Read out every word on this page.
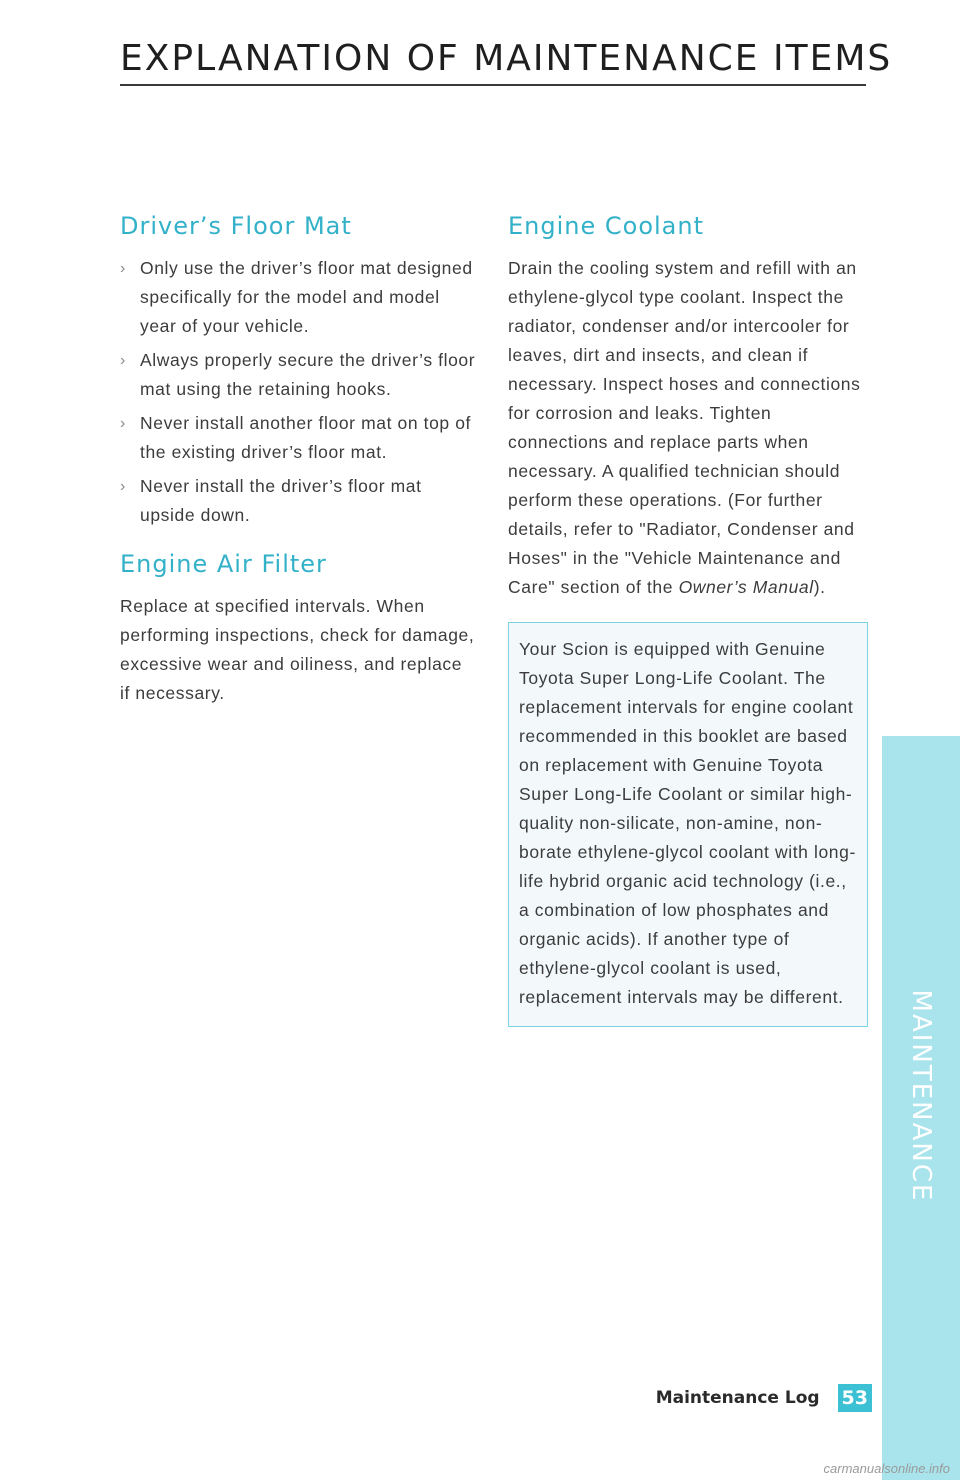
EXPLANATION OF MAINTENANCE ITEMS
Driver’s Floor Mat
› Only use the driver’s floor mat designed specifically for the model and model year of your vehicle.
› Always properly secure the driver’s floor mat using the retaining hooks.
› Never install another floor mat on top of the existing driver’s floor mat.
› Never install the driver’s floor mat upside down.
Engine Air Filter

Replace at specified intervals. When performing inspections, check for damage, excessive wear and oiliness, and replace if necessary.

Engine Coolant

Drain the cooling system and refill with an ethylene-glycol type coolant. Inspect the radiator, condenser and/or intercooler for leaves, dirt and insects, and clean if necessary. Inspect hoses and connections for corrosion and leaks. Tighten connections and replace parts when necessary. A qualified technician should perform these operations. (For further details, refer to "Radiator, Condenser and Hoses" in the "Vehicle Maintenance and Care" section of the Owner’s Manual).

Your Scion is equipped with Genuine Toyota Super Long-Life Coolant. The replacement intervals for engine coolant recommended in this booklet are based on replacement with Genuine Toyota Super Long-Life Coolant or similar high-quality non-silicate, non-amine, non-borate ethylene-glycol coolant with long-life hybrid organic acid technology (i.e., a combination of low phosphates and organic acids). If another type of ethylene-glycol coolant is used, replacement intervals may be different.	MAINTENANCE
Maintenance Log 53
carmanualsonline.info
